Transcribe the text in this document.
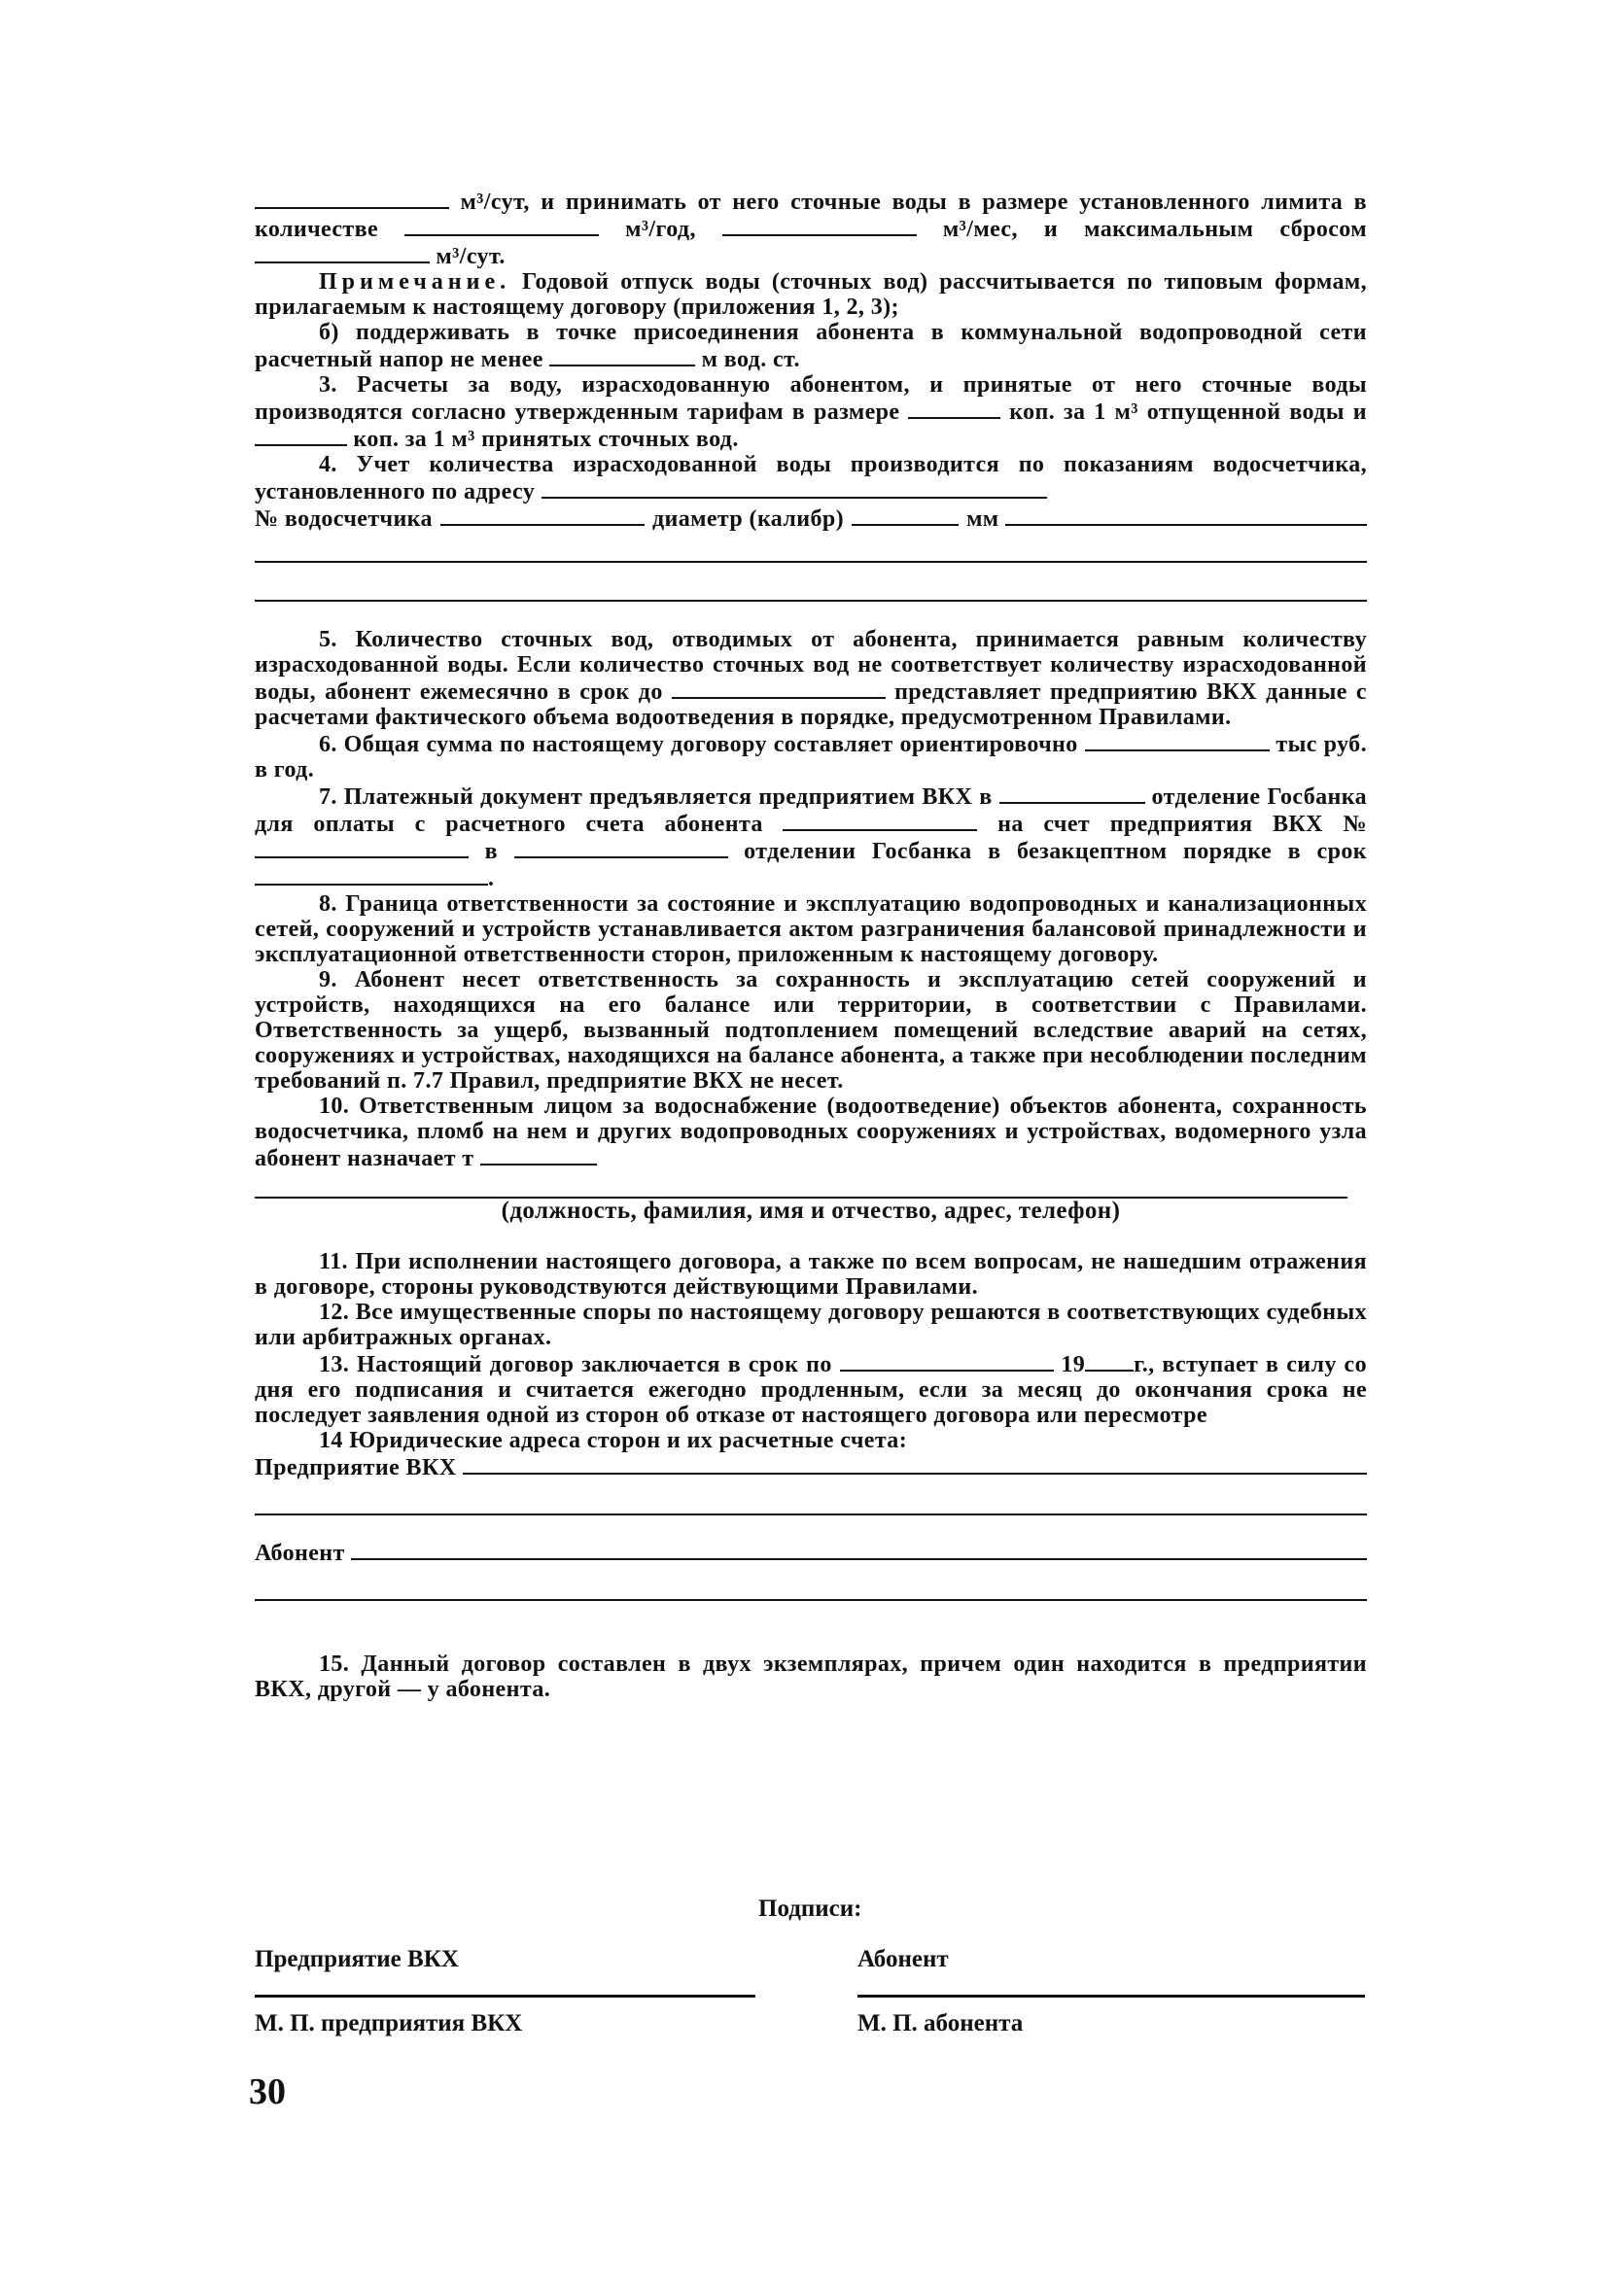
м³/сут, и принимать от него сточные воды в размере установленного лимита в количестве	м³/год,	м³/мес, и максимальным сбросом  м³/сут.

Примечание. Годовой отпуск воды (сточных вод) рассчитывается по типовым формам, прилагаемым к настоящему договору (приложения 1, 2, 3);

б) поддерживать в точке присоединения абонента в коммунальной водопроводной сети расчетный напор не менее	м вод. ст.

3. Расчеты за воду, израсходованную абонентом, и принятые от него сточные воды производятся согласно утвержденным тарифам в размере	коп. за 1 м³ отпущенной воды и  коп. за 1 м³ принятых сточных вод.

4. Учет количества израсходованной воды производится по показаниям водосчетчика, установленного по адресу

№ водосчетчика	диаметр (калибр)	мм

5. Количество сточных вод, отводимых от абонента, принимается равным количеству израсходованной воды. Если количество сточных вод не соответствует количеству израсходованной воды, абонент ежемесячно в срок до	представляет предприятию ВКХ данные с расчетами фактического объема водоотведения в порядке, предусмотренном Правилами.

6. Общая сумма по настоящему договору составляет ориентировочно	тыс руб. в год.

7. Платежный документ предъявляется предприятием ВКХ в	отделение Госбанка для оплаты с расчетного счета абонента	на счет предприятия ВКХ №  в	отделении Госбанка в безакцептном порядке в срок .

8. Граница ответственности за состояние и эксплуатацию водопроводных и канализационных сетей, сооружений и устройств устанавливается актом разграничения балансовой принадлежности и эксплуатационной ответственности сторон, приложенным к настоящему договору.

9. Абонент несет ответственность за сохранность и эксплуатацию сетей сооружений и устройств, находящихся на его балансе или территории, в соответствии с Правилами. Ответственность за ущерб, вызванный подтоплением помещений вследствие аварий на сетях, сооружениях и устройствах, находящихся на балансе абонента, а также при несоблюдении последним требований п. 7.7 Правил, предприятие ВКХ не несет.

10. Ответственным лицом за водоснабжение (водоотведение) объектов абонента, сохранность водосчетчика, пломб на нем и других водопроводных сооружениях и устройствах, водомерного узла абонент назначает т

(должность, фамилия, имя и отчество, адрес, телефон)

11. При исполнении настоящего договора, а также по всем вопросам, не нашедшим отражения в договоре, стороны руководствуются действующими Правилами.

12. Все имущественные споры по настоящему договору решаются в соответствующих судебных или арбитражных органах.

13. Настоящий договор заключается в срок по	19 г., вступает в силу со дня его подписания и считается ежегодно продленным, если за месяц до окончания срока не последует заявления одной из сторон об отказе от настоящего договора или пересмотре

14 Юридические адреса сторон и их расчетные счета:

Предприятие ВКХ
Абонент

15. Данный договор составлен в двух экземплярах, причем один находится в предприятии ВКХ, другой — у абонента.

Подписи:
Предприятие ВКХ	Абонент
М. П. предприятия ВКХ	М. П. абонента
30
